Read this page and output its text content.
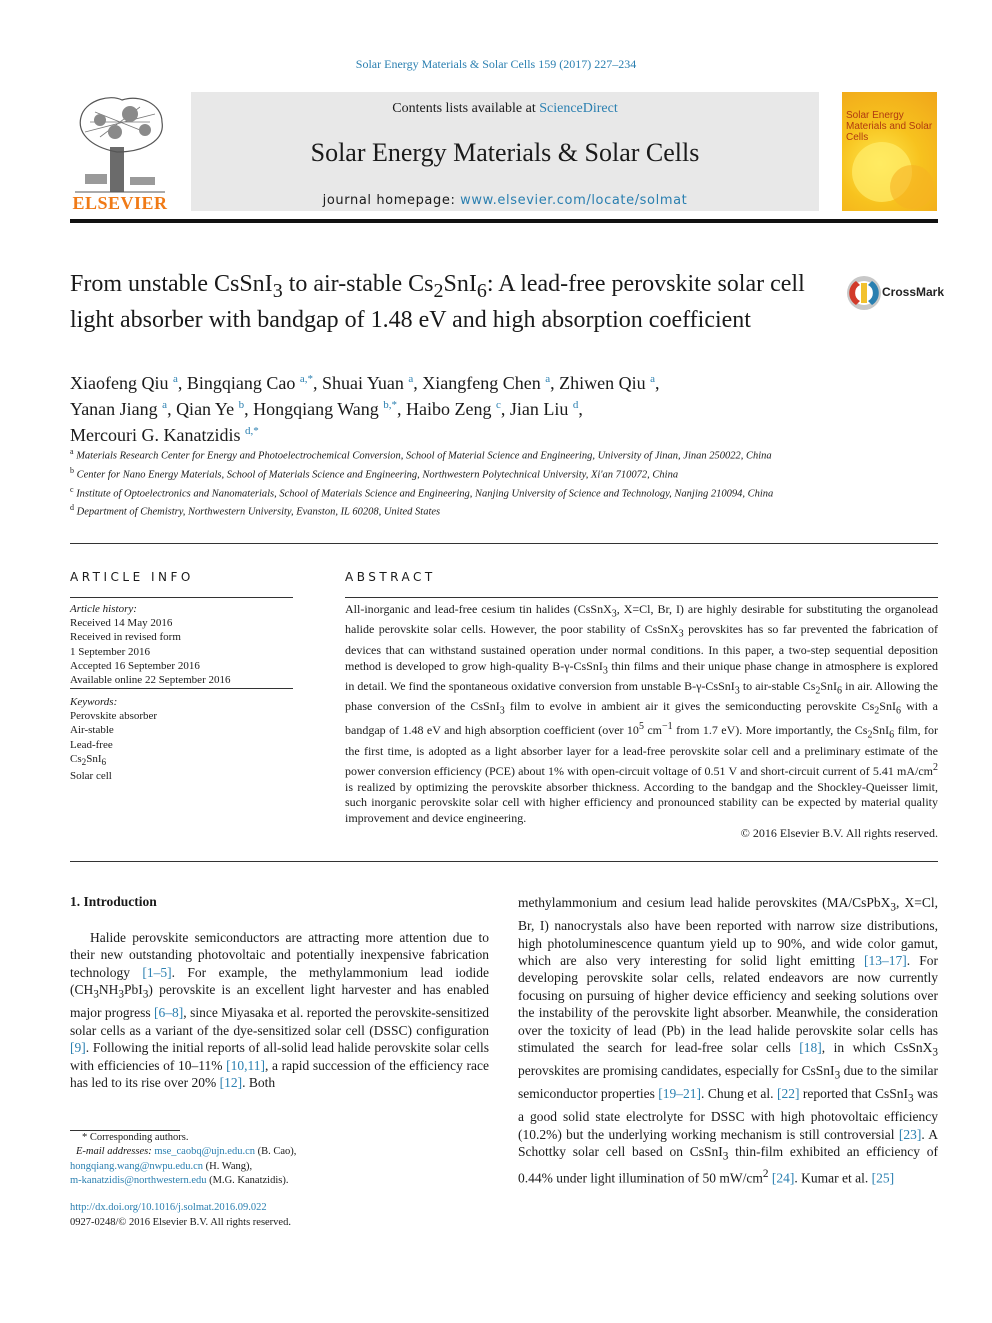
Solar Energy Materials & Solar Cells 159 (2017) 227–234
ELSEVIER
Contents lists available at ScienceDirect
Solar Energy Materials & Solar Cells
journal homepage: www.elsevier.com/locate/solmat
Solar Energy Materials and Solar Cells
From unstable CsSnI$_3$ to air-stable $Cs_2SnI_6$: A lead-free perovskite solar cell light absorber with bandgap of 1.48 eV and high absorption coefficient
CrossMark
Xiaofeng Qiu $^a$, Bingqiang Cao $^{a,*}$, Shuai Yuan $^a$, Xiangfeng Chen $^a$, Zhiwen Qiu $^a$,
Yanan Jiang $^a$, Qian Ye $^b$, Hongqiang Wang $^{b,*}$, Haibo Zeng $^c$, Jian Liu $^d$,
Mercouri G. Kanatzidis $^{d,*}$
$^a$ Materials Research Center for Energy and Photoelectrochemical Conversion, School of Material Science and Engineering, University of Jinan, Jinan 250022, China
$^b$ Center for Nano Energy Materials, School of Materials Science and Engineering, Northwestern Polytechnical University, Xi'an 710072, China
$^c$ Institute of Optoelectronics and Nanomaterials, School of Materials Science and Engineering, Nanjing University of Science and Technology, Nanjing 210094, China
$^d$ Department of Chemistry, Northwestern University, Evanston, IL 60208, United States
ARTICLE INFO
Article history:
Received 14 May 2016
Received in revised form
1 September 2016
Accepted 16 September 2016
Available online 22 September 2016
Keywords:
Perovskite absorber
Air-stable
Lead-free
$Cs_2SnI_6$
Solar cell
ABSTRACT
All-inorganic and lead-free cesium tin halides (CsSnX$_3$, X=Cl, Br, I) are highly desirable for substituting the organolead halide perovskite solar cells. However, the poor stability of CsSnX$_3$ perovskites has so far prevented the fabrication of devices that can withstand sustained operation under normal conditions. In this paper, a two-step sequential deposition method is developed to grow high-quality B-γ-CsSnI$_3$ thin films and their unique phase change in atmosphere is explored in detail. We find the spontaneous oxidative conversion from unstable B-γ-CsSnI$_3$ to air-stable $Cs_2SnI_6$ in air. Allowing the phase conversion of the CsSnI$_3$ film to evolve in ambient air it gives the semiconducting perovskite $Cs_2SnI_6$ with a bandgap of 1.48 eV and high absorption coefficient (over $10^5$ $cm^{-1}$ from 1.7 eV). More importantly, the $Cs_2SnI_6$ film, for the first time, is adopted as a light absorber layer for a lead-free perovskite solar cell and a preliminary estimate of the power conversion efficiency (PCE) about 1% with open-circuit voltage of 0.51 V and short-circuit current of 5.41 $mA/cm^2$ is realized by optimizing the perovskite absorber thickness. According to the bandgap and the Shockley-Queisser limit, such inorganic perovskite solar cell with higher efficiency and pronounced stability can be expected by material quality improvement and device engineering.
© 2016 Elsevier B.V. All rights reserved.
1. Introduction
Halide perovskite semiconductors are attracting more attention due to their new outstanding photovoltaic and potentially inexpensive fabrication technology [1–5]. For example, the methylammonium lead iodide $(CH_3NH_3PbI_3)$ perovskite is an excellent light harvester and has enabled major progress [6–8], since Miyasaka et al. reported the perovskite-sensitized solar cells as a variant of the dye-sensitized solar cell (DSSC) configuration [9]. Following the initial reports of all-solid lead halide perovskite solar cells with efficiencies of 10–11% [10,11], a rapid succession of the efficiency race has led to its rise over 20% [12]. Both
methylammonium and cesium lead halide perovskites (MA/CsPbX$_3$, X=Cl, Br, I) nanocrystals also have been reported with narrow size distributions, high photoluminescence quantum yield up to 90%, and wide color gamut, which are also very interesting for solid light emitting [13–17]. For developing perovskite solar cells, related endeavors are now currently focusing on pursuing of higher device efficiency and seeking solutions over the instability of the perovskite light absorber. Meanwhile, the consideration over the toxicity of lead (Pb) in the lead halide perovskite solar cells has stimulated the search for lead-free solar cells [18], in which CsSnX$_3$ perovskites are promising candidates, especially for CsSnI$_3$ due to the similar semiconductor properties [19–21]. Chung et al. [22] reported that CsSnI$_3$ was a good solid state electrolyte for DSSC with high photovoltaic efficiency (10.2%) but the underlying working mechanism is still controversial [23]. A Schottky solar cell based on CsSnI$_3$ thin-film exhibited an efficiency of 0.44% under light illumination of 50 $mW/cm^2$ [24]. Kumar et al. [25]
* Corresponding authors.
E-mail addresses: mse_caobq@ujn.edu.cn (B. Cao),
hongqiang.wang@nwpu.edu.cn (H. Wang),
m-kanatzidis@northwestern.edu (M.G. Kanatzidis).
http://dx.doi.org/10.1016/j.solmat.2016.09.022
0927-0248/© 2016 Elsevier B.V. All rights reserved.
